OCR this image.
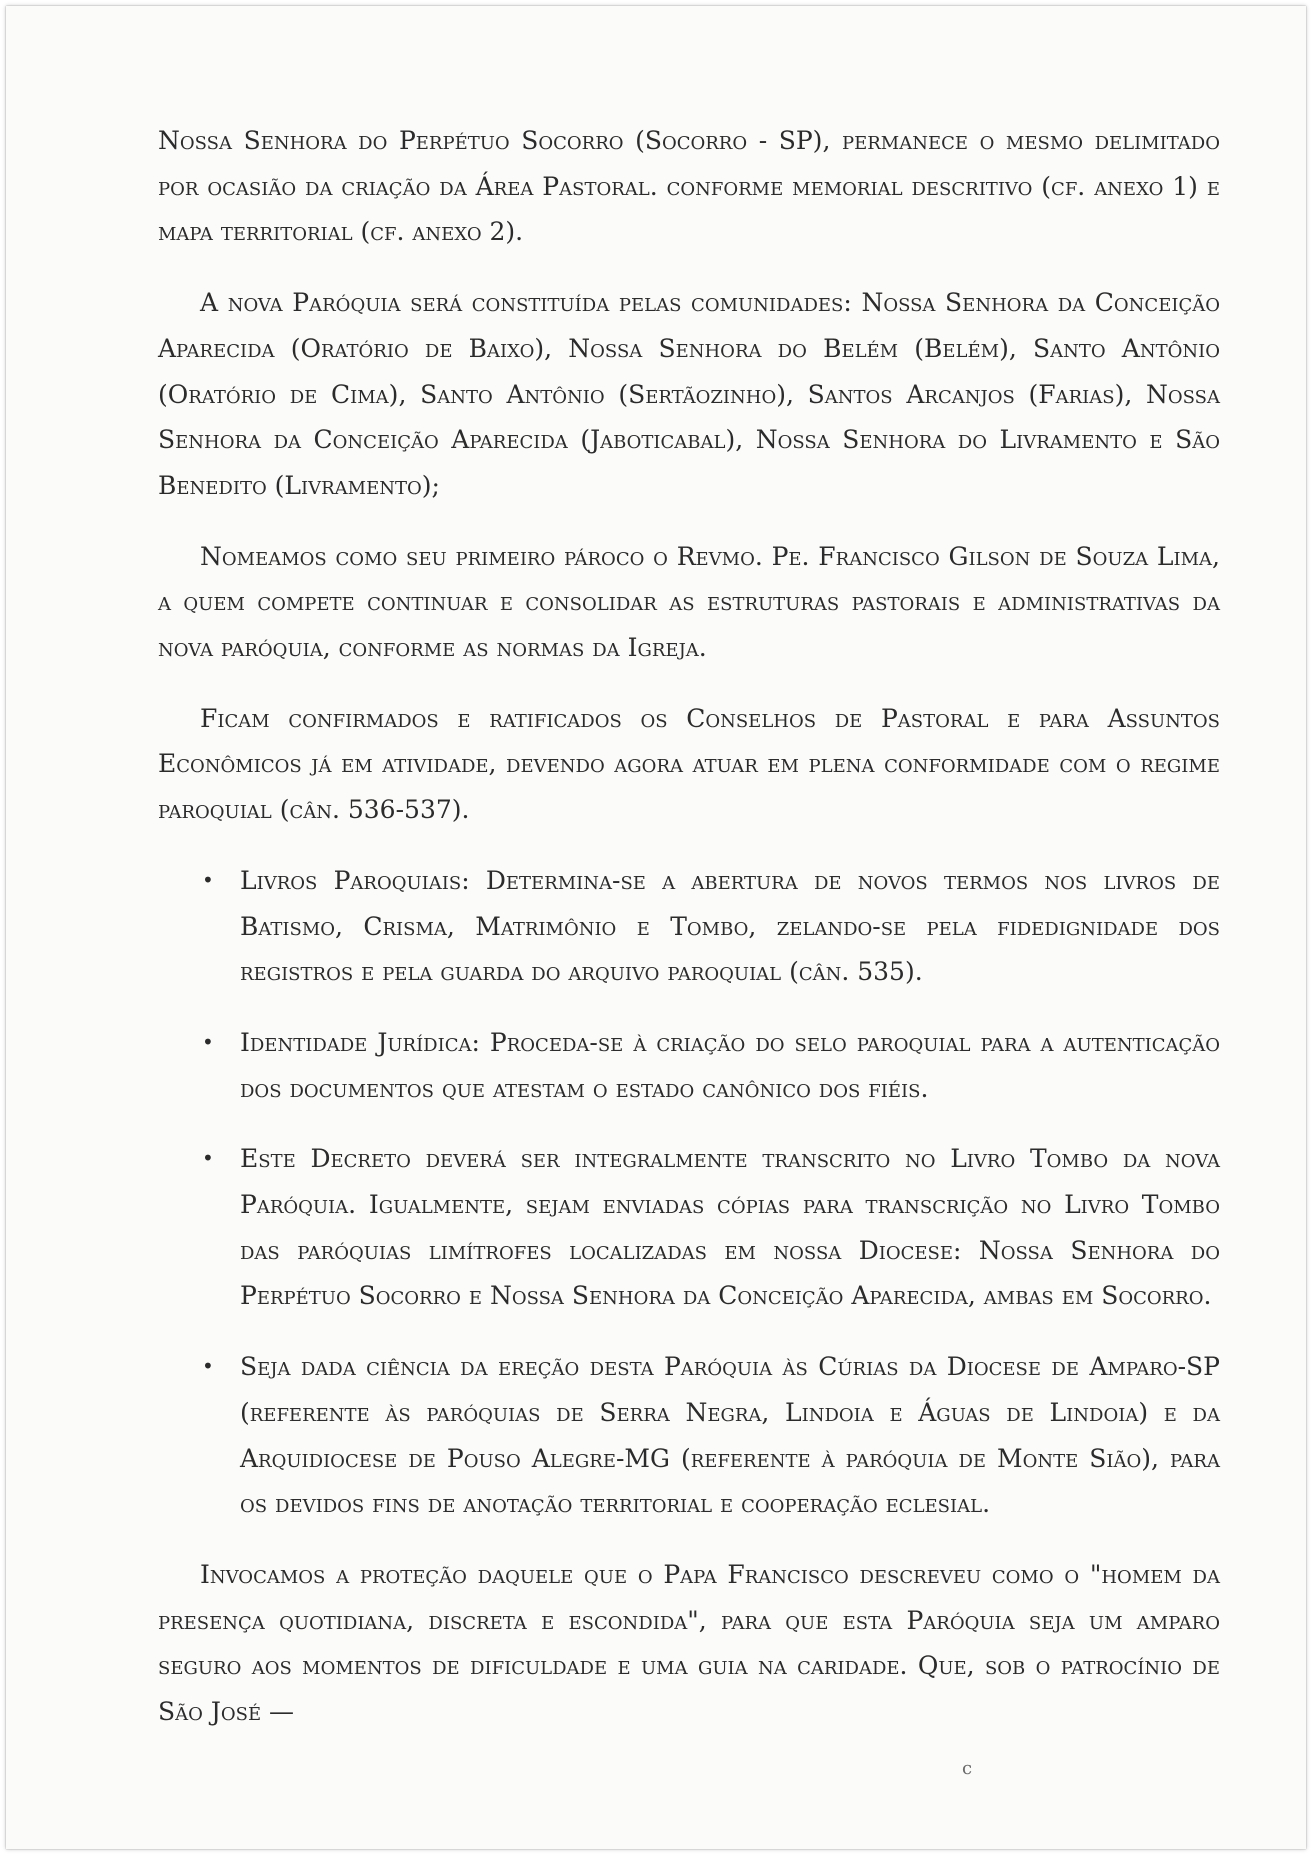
Nossa Senhora do Perpétuo Socorro (Socorro - SP), permanece o mesmo delimitado por ocasião da criação da Área Pastoral. conforme memorial descritivo (cf. anexo 1) e mapa territorial (cf. anexo 2).

A nova Paróquia será constituída pelas comunidades: Nossa Senhora da Conceição Aparecida (Oratório de Baixo), Nossa Senhora do Belém (Belém), Santo Antônio (Oratório de Cima), Santo Antônio (Sertãozinho), Santos Arcanjos (Farias), Nossa Senhora da Conceição Aparecida (Jaboticabal), Nossa Senhora do Livramento e São Benedito (Livramento);

Nomeamos como seu primeiro pároco o Revmo. Pe. Francisco Gilson de Souza Lima, a quem compete continuar e consolidar as estruturas pastorais e administrativas da nova paróquia, conforme as normas da Igreja.

Ficam confirmados e ratificados os Conselhos de Pastoral e para Assuntos Econômicos já em atividade, devendo agora atuar em plena conformidade com o regime paroquial (cân. 536-537).

• Livros Paroquiais: Determina-se a abertura de novos termos nos livros de Batismo, Crisma, Matrimônio e Tombo, zelando-se pela fidedignidade dos registros e pela guarda do arquivo paroquial (cân. 535).
• Identidade Jurídica: Proceda-se à criação do selo paroquial para a autenticação dos documentos que atestam o estado canônico dos fiéis.
• Este Decreto deverá ser integralmente transcrito no Livro Tombo da nova Paróquia. Igualmente, sejam enviadas cópias para transcrição no Livro Tombo das paróquias limítrofes localizadas em nossa Diocese: Nossa Senhora do Perpétuo Socorro e Nossa Senhora da Conceição Aparecida, ambas em Socorro.
• Seja dada ciência da ereção desta Paróquia às Cúrias da Diocese de Amparo-SP (referente às paróquias de Serra Negra, Lindoia e Águas de Lindoia) e da Arquidiocese de Pouso Alegre-MG (referente à paróquia de Monte Sião), para os devidos fins de anotação territorial e cooperação eclesial.

Invocamos a proteção daquele que o Papa Francisco descreveu como o "homem da presença quotidiana, discreta e escondida", para que esta Paróquia seja um amparo seguro aos momentos de dificuldade e uma guia na caridade. Que, sob o patrocínio de São José —

c
